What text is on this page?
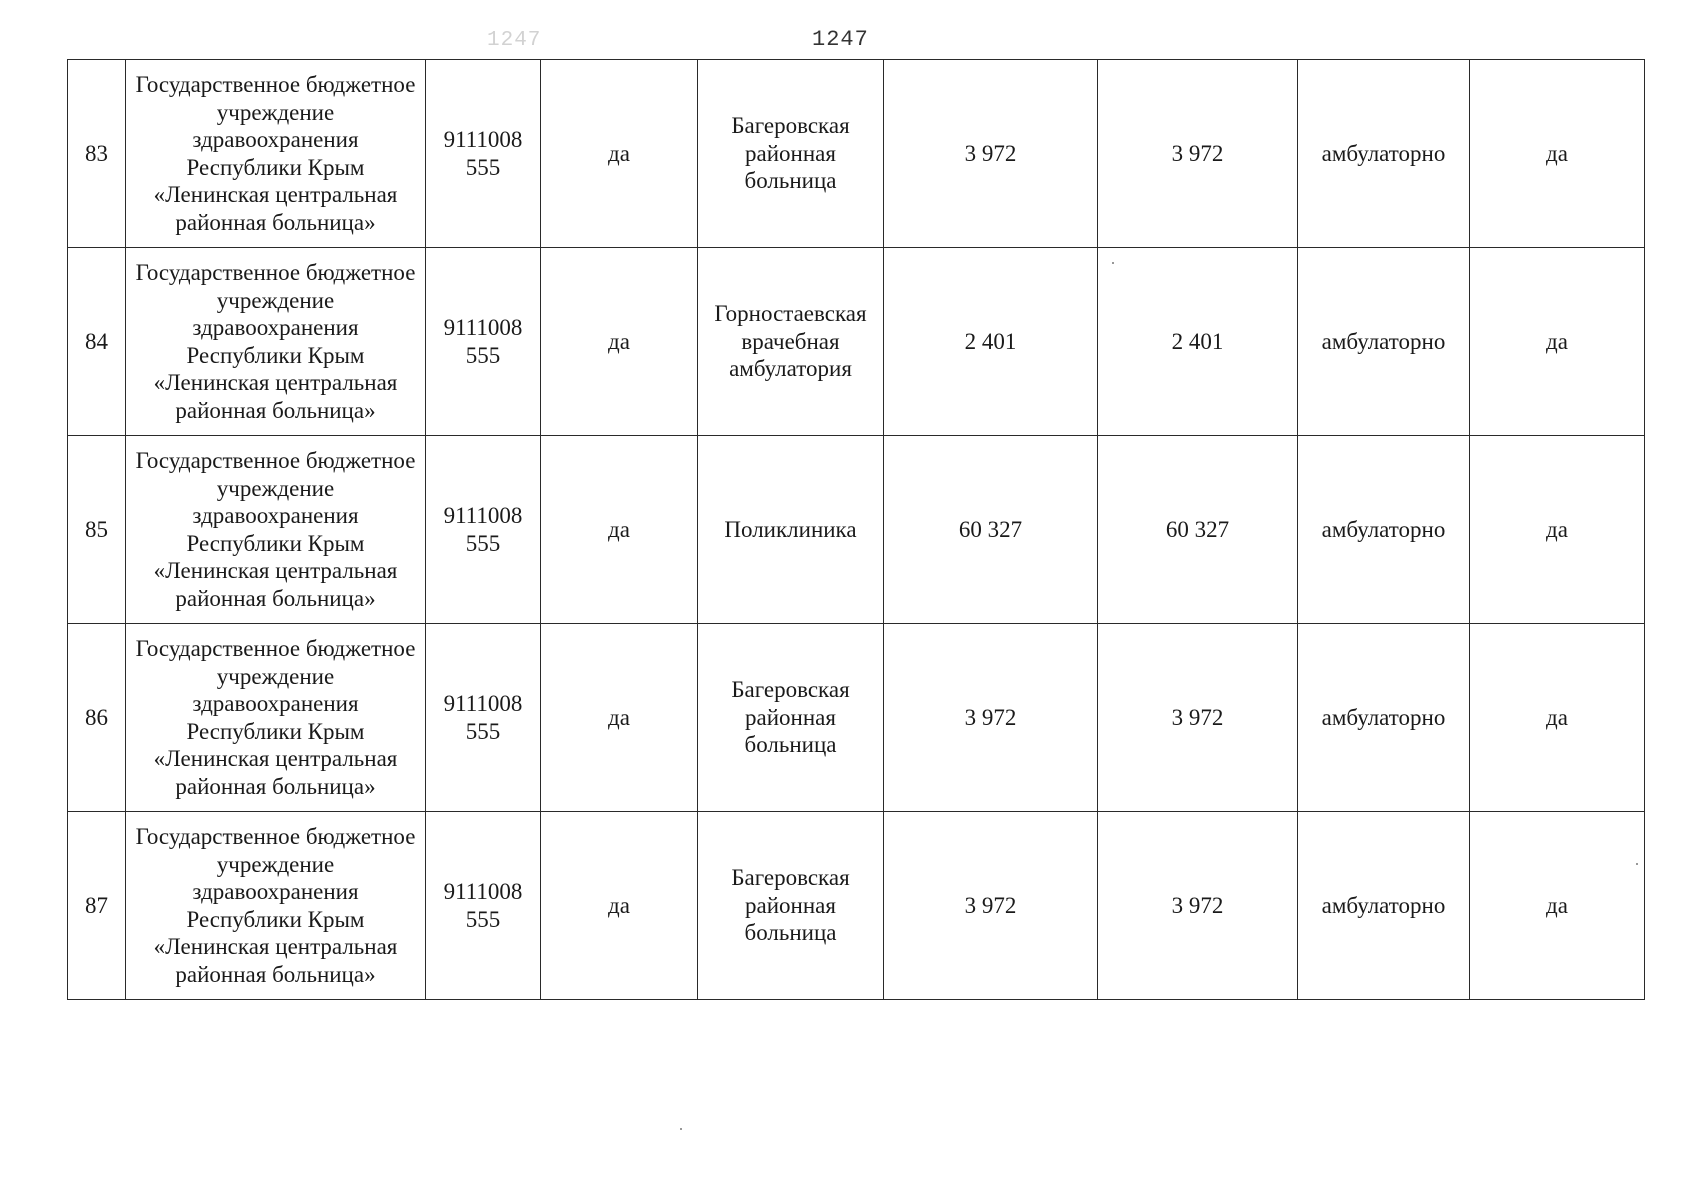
1247	1247
83	Государственное бюджетное учреждение здравоохранения Республики Крым «Ленинская центральная районная больница»	9111008 555	да	Багеровская районная больница	3 972	3 972	амбулаторно	да

84	Государственное бюджетное учреждение здравоохранения Республики Крым «Ленинская центральная районная больница»	9111008 555	да	Горностаевская врачебная амбулатория	2 401	2 401	амбулаторно	да

85	Государственное бюджетное учреждение здравоохранения Республики Крым «Ленинская центральная районная больница»	9111008 555	да	Поликлиника	60 327	60 327	амбулаторно	да

86	Государственное бюджетное учреждение здравоохранения Республики Крым «Ленинская центральная районная больница»	9111008 555	да	Багеровская районная больница	3 972	3 972	амбулаторно	да

87	Государственное бюджетное учреждение здравоохранения Республики Крым «Ленинская центральная районная больница»	9111008 555	да	Багеровская районная больница	3 972	3 972	амбулаторно	да
